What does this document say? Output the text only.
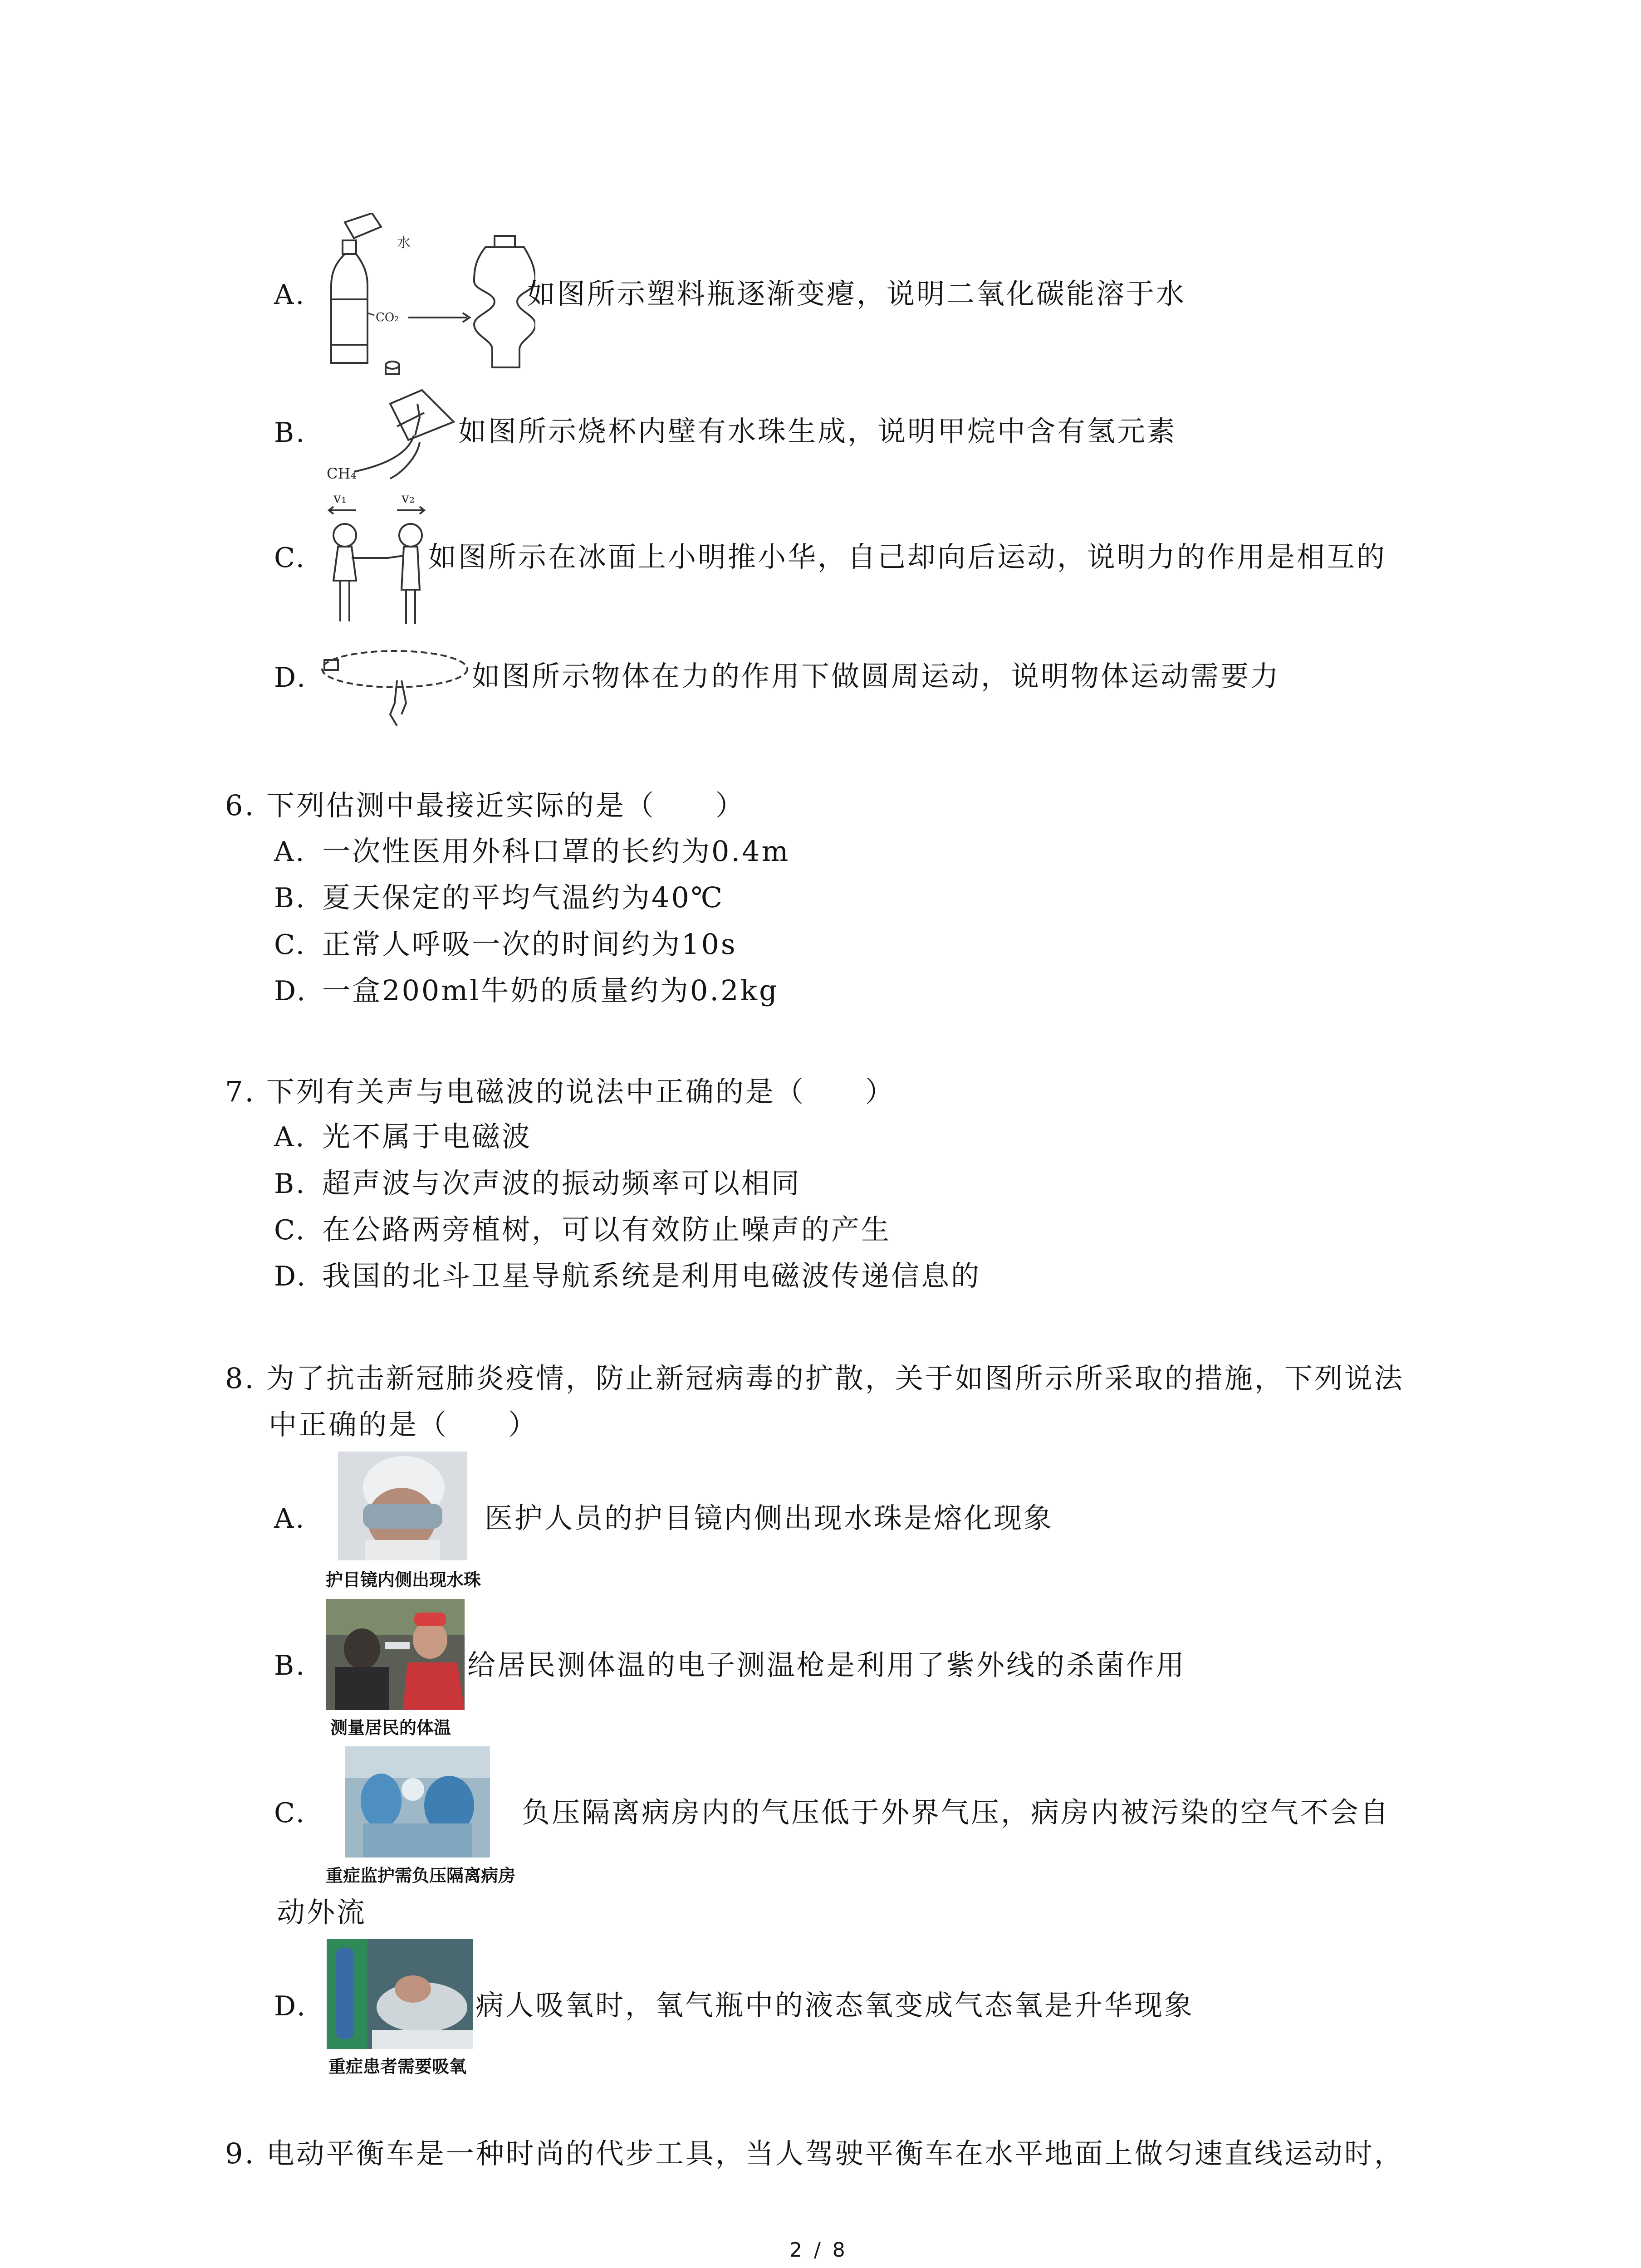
A.
水
CO₂
如图所示塑料瓶逐渐变瘪，说明二氧化碳能溶于水
B.
CH₄
如图所示烧杯内壁有水珠生成，说明甲烷中含有氢元素
C.
v₁	v₂
如图所示在冰面上小明推小华，自己却向后运动，说明力的作用是相互的
D.	如图所示物体在力的作用下做圆周运动，说明物体运动需要力
6. 下列估测中最接近实际的是（　　）
A. 一次性医用外科口罩的长约为0.4m
B. 夏天保定的平均气温约为40℃
C. 正常人呼吸一次的时间约为10s
D. 一盒200ml牛奶的质量约为0.2kg
7. 下列有关声与电磁波的说法中正确的是（　　）
A. 光不属于电磁波
B. 超声波与次声波的振动频率可以相同
C. 在公路两旁植树，可以有效防止噪声的产生
D. 我国的北斗卫星导航系统是利用电磁波传递信息的
8. 为了抗击新冠肺炎疫情，防止新冠病毒的扩散，关于如图所示所采取的措施，下列说法
中正确的是（　　）
A.
护目镜内侧出现水珠
医护人员的护目镜内侧出现水珠是熔化现象
B.
测量居民的体温
给居民测体温的电子测温枪是利用了紫外线的杀菌作用
C.
重症监护需负压隔离病房
负压隔离病房内的气压低于外界气压，病房内被污染的空气不会自
动外流
D.
重症患者需要吸氧
病人吸氧时，氧气瓶中的液态氧变成气态氧是升华现象
9. 电动平衡车是一种时尚的代步工具，当人驾驶平衡车在水平地面上做匀速直线运动时，
2 / 8
